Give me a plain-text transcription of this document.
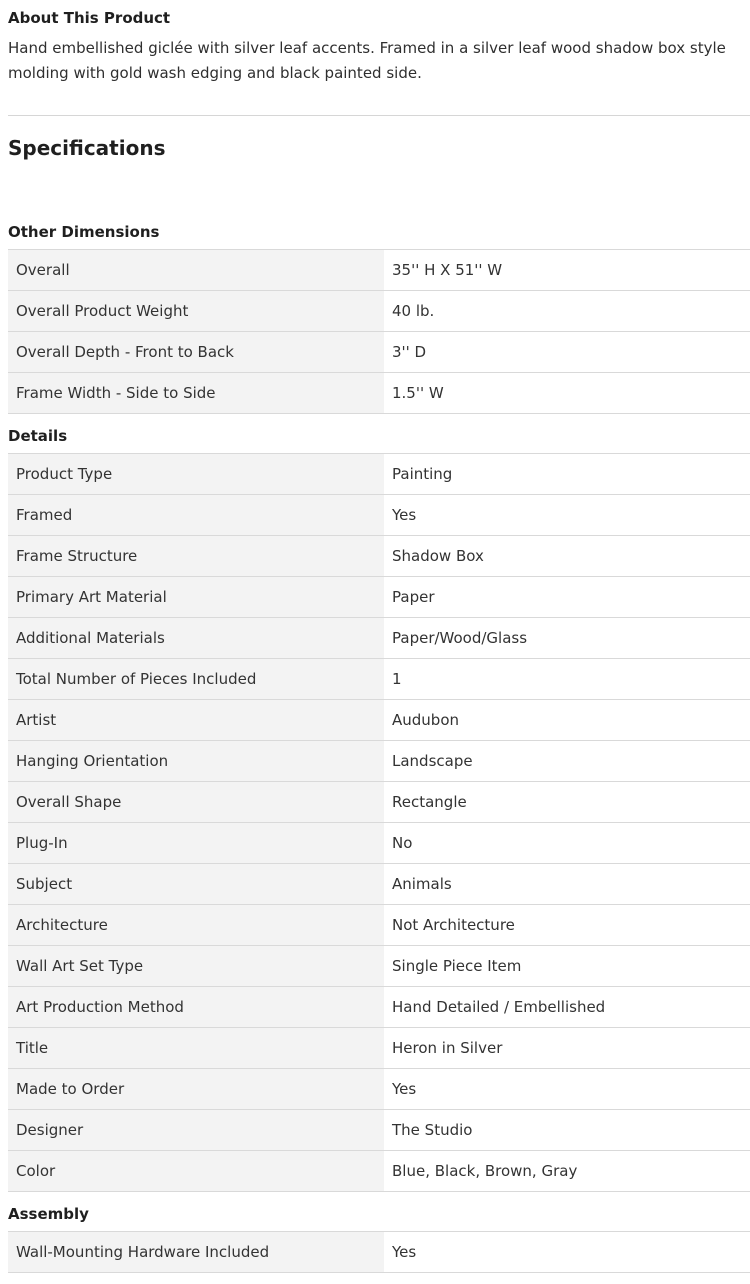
About This Product

Hand embellished giclée with silver leaf accents. Framed in a silver leaf wood shadow box style molding with gold wash edging and black painted side.

Specifications
Other Dimensions
Overall	35'' H X 51'' W
Overall Product Weight	40 lb.
Overall Depth - Front to Back	3'' D
Frame Width - Side to Side	1.5'' W
Details
Product Type	Painting
Framed	Yes
Frame Structure	Shadow Box
Primary Art Material	Paper
Additional Materials	Paper/Wood/Glass
Total Number of Pieces Included	1
Artist	Audubon
Hanging Orientation	Landscape
Overall Shape	Rectangle
Plug-In	No
Subject	Animals
Architecture	Not Architecture
Wall Art Set Type	Single Piece Item
Art Production Method	Hand Detailed / Embellished
Title	Heron in Silver
Made to Order	Yes
Designer	The Studio
Color	Blue, Black, Brown, Gray
Assembly
Wall-Mounting Hardware Included	Yes
